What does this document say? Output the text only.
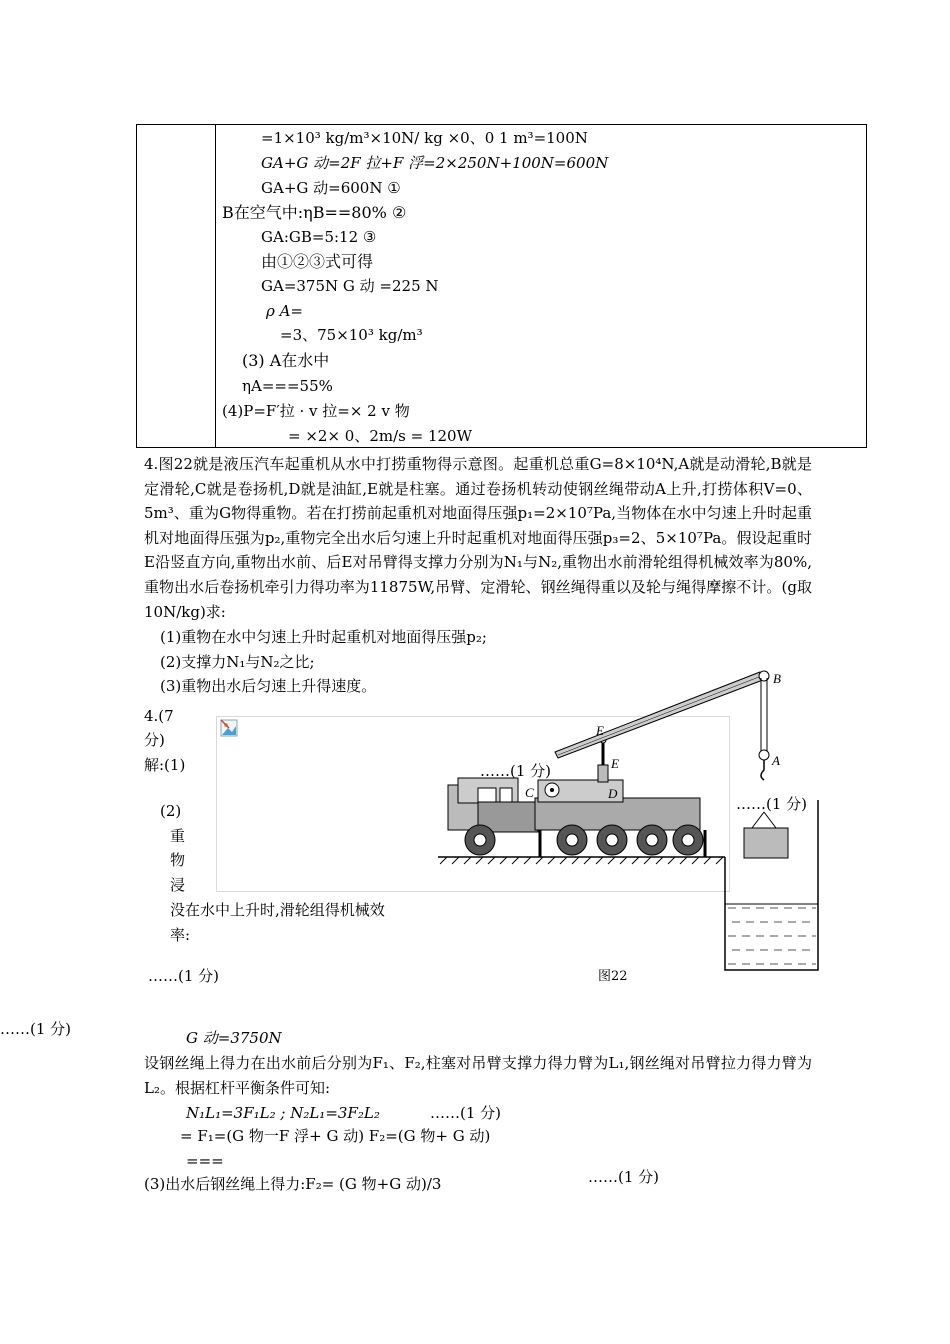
=1×10³ kg/m³×10N/ kg ×0、0 1 m³=100N
GA+G 动=2F 拉+F 浮=2×250N+100N=600N
GA+G 动=600N ①
B在空气中:ηB==80% ②
GA:GB=5:12 ③
由①②③式可得
GA=375N G 动 =225 N
ρ A=
=3、75×10³ kg/m³
(3) A在水中
ηA===55%
(4)P=F′拉 · v 拉=× 2 v 物
= ×2× 0、2m/s = 120W
4.图22就是液压汽车起重机从水中打捞重物得示意图。起重机总重G=8×10⁴N,A就是动滑轮,B就是定滑轮,C就是卷扬机,D就是油缸,E就是柱塞。通过卷扬机转动使钢丝绳带动A上升,打捞体积V=0、5m³、重为G物得重物。若在打捞前起重机对地面得压强p₁=2×10⁷Pa,当物体在水中匀速上升时起重机对地面得压强为p₂,重物完全出水后匀速上升时起重机对地面得压强p₃=2、5×10⁷Pa。假设起重时E沿竖直方向,重物出水前、后E对吊臂得支撑力分别为N₁与N₂,重物出水前滑轮组得机械效率为80%,重物出水后卷扬机牵引力得功率为11875W,吊臂、定滑轮、钢丝绳得重以及轮与绳得摩擦不计。(g取10N/kg)求:
(1)重物在水中匀速上升时起重机对地面得压强p₂;
(2)支撑力N₁与N₂之比;
(3)重物出水后匀速上升得速度。
4.(7
分)
解:(1)
(2)
重
物
浸
没在水中上升时,滑轮组得机械效
率:
B
A
E
E
C	D
……(1 分)
……(1 分)
……(1 分)	图22
……(1 分)	G 动=3750N
设钢丝绳上得力在出水前后分别为F₁、F₂,柱塞对吊臂支撑力得力臂为L₁,钢丝绳对吊臂拉力得力臂为L₂。根据杠杆平衡条件可知:
N₁L₁=3F₁L₂ ; N₂L₁=3F₂L₂	……(1 分)
= F₁=(G 物一F 浮+ G 动) F₂=(G 物+ G 动)
===
(3)出水后钢丝绳上得力:F₂= (G 物+G 动)/3	……(1 分)
